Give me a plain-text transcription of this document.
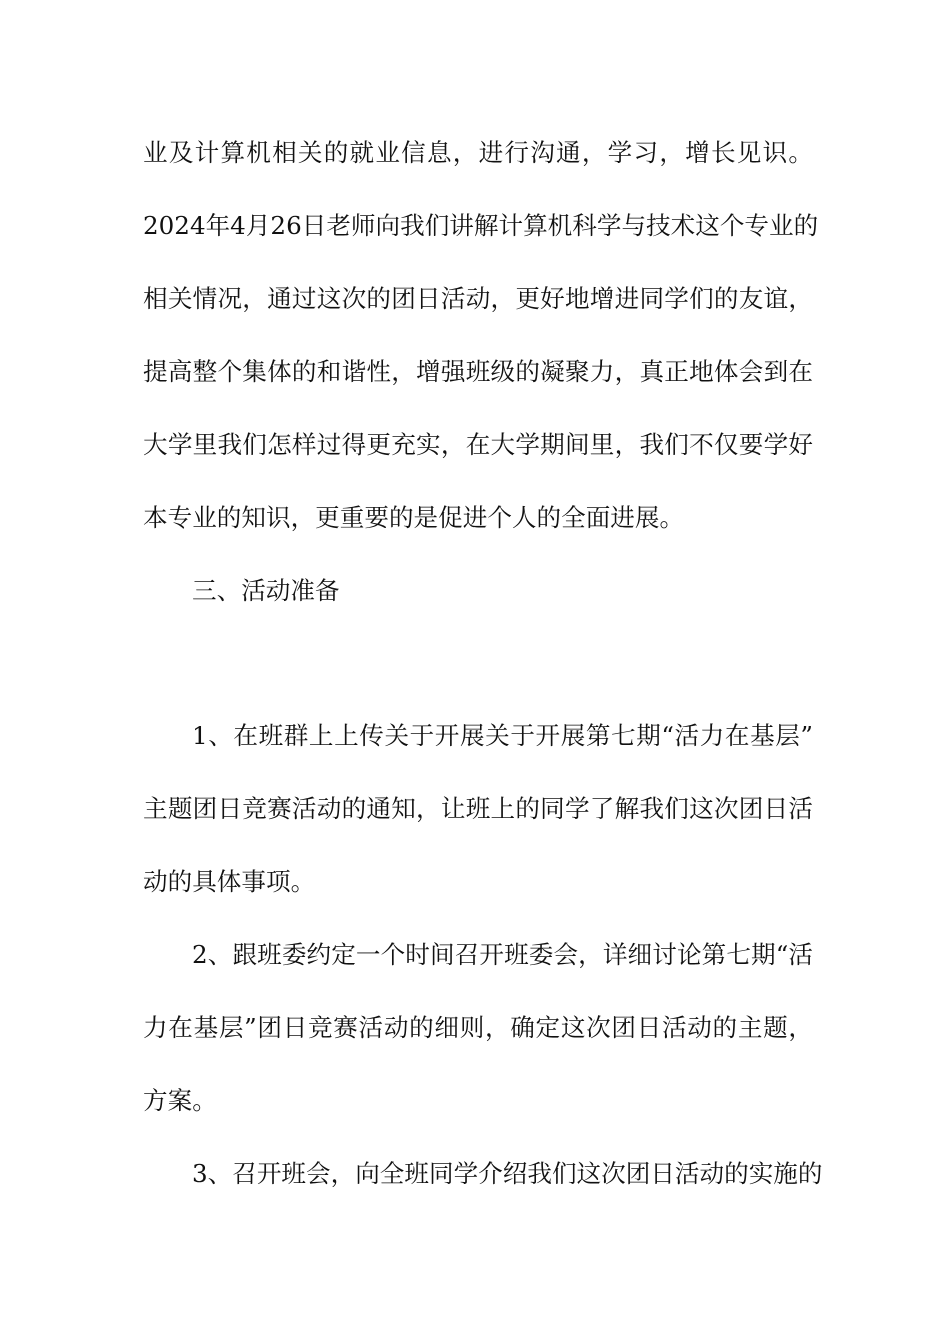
业及计算机相关的就业信息，进行沟通，学习，增长见识。
2024年4月26日老师向我们讲解计算机科学与技术这个专业的
相关情况，通过这次的团日活动，更好地增进同学们的友谊，
提高整个集体的和谐性，增强班级的凝聚力，真正地体会到在
大学里我们怎样过得更充实，在大学期间里，我们不仅要学好
本专业的知识，更重要的是促进个人的全面进展。
三、活动准备
1、在班群上上传关于开展关于开展第七期“活力在基层”
主题团日竞赛活动的通知，让班上的同学了解我们这次团日活
动的具体事项。
2、跟班委约定一个时间召开班委会，详细讨论第七期“活
力在基层”团日竞赛活动的细则，确定这次团日活动的主题，
方案。
3、召开班会，向全班同学介绍我们这次团日活动的实施的
